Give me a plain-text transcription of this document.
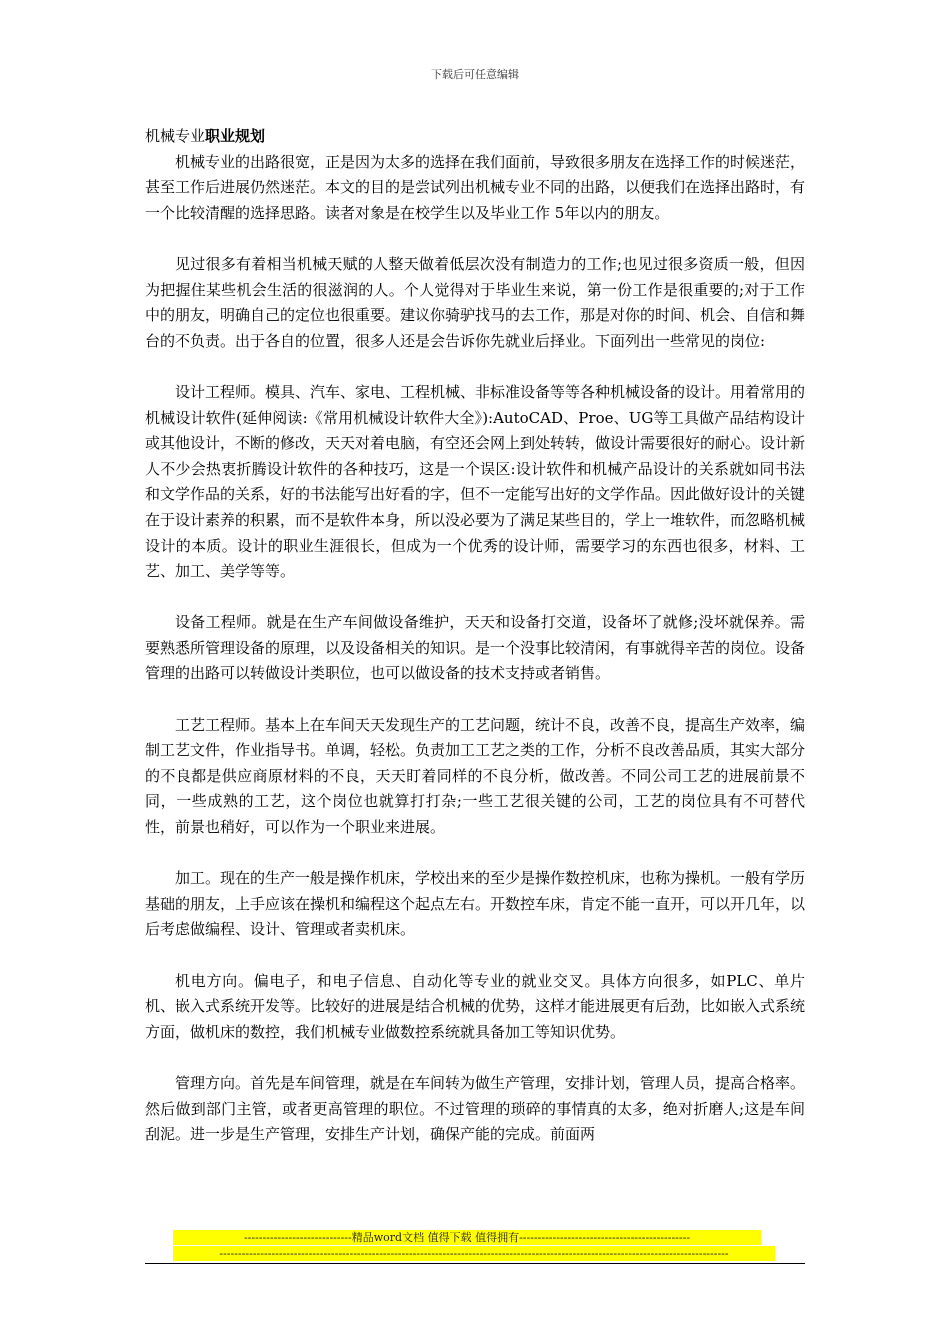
下载后可任意编辑
机械专业职业规划

机械专业的出路很宽，正是因为太多的选择在我们面前，导致很多朋友在选择工作的时候迷茫，甚至工作后进展仍然迷茫。本文的目的是尝试列出机械专业不同的出路，以便我们在选择出路时，有一个比较清醒的选择思路。读者对象是在校学生以及毕业工作 5年以内的朋友。

见过很多有着相当机械天赋的人整天做着低层次没有制造力的工作;也见过很多资质一般，但因为把握住某些机会生活的很滋润的人。个人觉得对于毕业生来说，第一份工作是很重要的;对于工作中的朋友，明确自己的定位也很重要。建议你骑驴找马的去工作，那是对你的时间、机会、自信和舞台的不负责。出于各自的位置，很多人还是会告诉你先就业后择业。下面列出一些常见的岗位:

设计工程师。模具、汽车、家电、工程机械、非标准设备等等各种机械设备的设计。用着常用的机械设计软件(延伸阅读:《常用机械设计软件大全》):AutoCAD、Proe、UG等工具做产品结构设计或其他设计，不断的修改，天天对着电脑，有空还会网上到处转转，做设计需要很好的耐心。设计新人不少会热衷折腾设计软件的各种技巧，这是一个误区:设计软件和机械产品设计的关系就如同书法和文学作品的关系，好的书法能写出好看的字，但不一定能写出好的文学作品。因此做好设计的关键在于设计素养的积累，而不是软件本身，所以没必要为了满足某些目的，学上一堆软件，而忽略机械设计的本质。设计的职业生涯很长，但成为一个优秀的设计师，需要学习的东西也很多，材料、工艺、加工、美学等等。

设备工程师。就是在生产车间做设备维护，天天和设备打交道，设备坏了就修;没坏就保养。需要熟悉所管理设备的原理，以及设备相关的知识。是一个没事比较清闲，有事就得辛苦的岗位。设备管理的出路可以转做设计类职位，也可以做设备的技术支持或者销售。

工艺工程师。基本上在车间天天发现生产的工艺问题，统计不良，改善不良，提高生产效率，编制工艺文件，作业指导书。单调，轻松。负责加工工艺之类的工作，分析不良改善品质，其实大部分的不良都是供应商原材料的不良，天天盯着同样的不良分析，做改善。不同公司工艺的进展前景不同，一些成熟的工艺，这个岗位也就算打打杂;一些工艺很关键的公司，工艺的岗位具有不可替代性，前景也稍好，可以作为一个职业来进展。

加工。现在的生产一般是操作机床，学校出来的至少是操作数控机床，也称为操机。一般有学历基础的朋友，上手应该在操机和编程这个起点左右。开数控车床，肯定不能一直开，可以开几年，以后考虑做编程、设计、管理或者卖机床。

机电方向。偏电子，和电子信息、自动化等专业的就业交叉。具体方向很多，如PLC、单片机、嵌入式系统开发等。比较好的进展是结合机械的优势，这样才能进展更有后劲，比如嵌入式系统方面，做机床的数控，我们机械专业做数控系统就具备加工等知识优势。

管理方向。首先是车间管理，就是在车间转为做生产管理，安排计划，管理人员，提高合格率。然后做到部门主管，或者更高管理的职位。不过管理的琐碎的事情真的太多，绝对折磨人;这是车间刮泥。进一步是生产管理，安排生产计划，确保产能的完成。前面两

-----------------------------精品word文档 值得下载 值得拥有----------------------------------------------
-----------------------------------------------------------------------------------------------------------------------------------------
